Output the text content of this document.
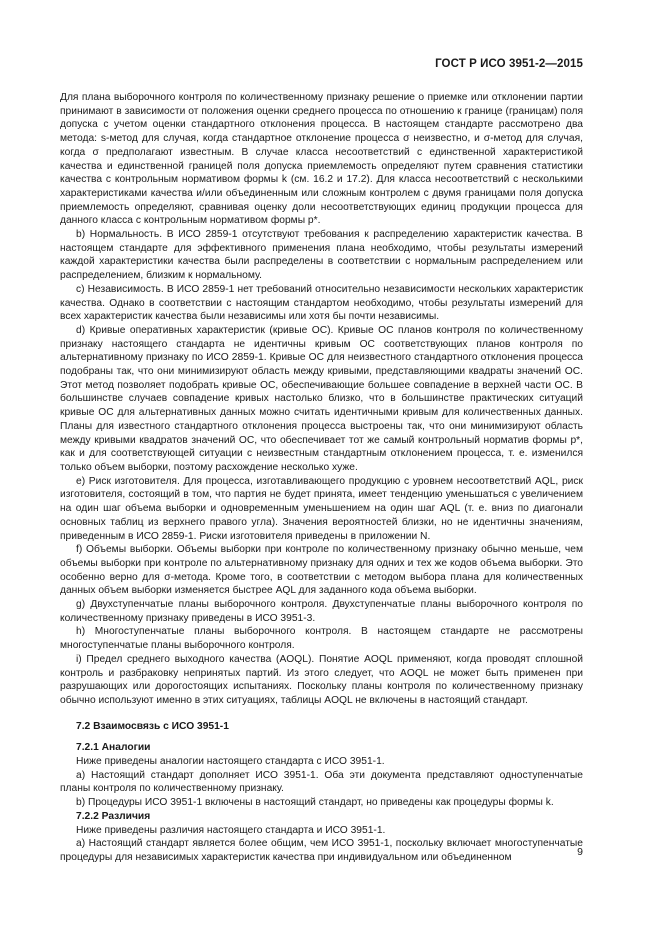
ГОСТ Р ИСО 3951-2—2015

Для плана выборочного контроля по количественному признаку решение о приемке или отклонении партии принимают в зависимости от положения оценки среднего процесса по отношению к границе (границам) поля допуска с учетом оценки стандартного отклонения процесса. В настоящем стандарте рассмотрено два метода: s-метод для случая, когда стандартное отклонение процесса σ неизвестно, и σ-метод для случая, когда σ предполагают известным. В случае класса несоответствий с единственной характеристикой качества и единственной границей поля допуска приемлемость определяют путем сравнения статистики качества с контрольным нормативом формы k (см. 16.2 и 17.2). Для класса несоответствий с несколькими характеристиками качества и/или объединенным или сложным контролем с двумя границами поля допуска приемлемость определяют, сравнивая оценку доли несоответствующих единиц продукции процесса для данного класса с контрольным нормативом формы p*.

b) Нормальность. В ИСО 2859-1 отсутствуют требования к распределению характеристик качества. В настоящем стандарте для эффективного применения плана необходимо, чтобы результаты измерений каждой характеристики качества были распределены в соответствии с нормальным распределением или распределением, близким к нормальному.

c) Независимость. В ИСО 2859-1 нет требований относительно независимости нескольких характеристик качества. Однако в соответствии с настоящим стандартом необходимо, чтобы результаты измерений для всех характеристик качества были независимы или хотя бы почти независимы.

d) Кривые оперативных характеристик (кривые ОС). Кривые ОС планов контроля по количественному признаку настоящего стандарта не идентичны кривым ОС соответствующих планов контроля по альтернативному признаку по ИСО 2859-1. Кривые ОС для неизвестного стандартного отклонения процесса подобраны так, что они минимизируют область между кривыми, представляющими квадраты значений ОС. Этот метод позволяет подобрать кривые ОС, обеспечивающие большее совпадение в верхней части ОС. В большинстве случаев совпадение кривых настолько близко, что в большинстве практических ситуаций кривые ОС для альтернативных данных можно считать идентичными кривым для количественных данных. Планы для известного стандартного отклонения процесса выстроены так, что они минимизируют область между кривыми квадратов значений ОС, что обеспечивает тот же самый контрольный норматив формы p*, как и для соответствующей ситуации с неизвестным стандартным отклонением процесса, т. е. изменился только объем выборки, поэтому расхождение несколько хуже.

e) Риск изготовителя. Для процесса, изготавливающего продукцию с уровнем несоответствий AQL, риск изготовителя, состоящий в том, что партия не будет принята, имеет тенденцию уменьшаться с увеличением на один шаг объема выборки и одновременным уменьшением на один шаг AQL (т. е. вниз по диагонали основных таблиц из верхнего правого угла). Значения вероятностей близки, но не идентичны значениям, приведенным в ИСО 2859-1. Риски изготовителя приведены в приложении N.

f) Объемы выборки. Объемы выборки при контроле по количественному признаку обычно меньше, чем объемы выборки при контроле по альтернативному признаку для одних и тех же кодов объема выборки. Это особенно верно для σ-метода. Кроме того, в соответствии с методом выбора плана для количественных данных объем выборки изменяется быстрее AQL для заданного кода объема выборки.

g) Двухступенчатые планы выборочного контроля. Двухступенчатые планы выборочного контроля по количественному признаку приведены в ИСО 3951-3.

h) Многоступенчатые планы выборочного контроля. В настоящем стандарте не рассмотрены многоступенчатые планы выборочного контроля.

i) Предел среднего выходного качества (AOQL). Понятие AOQL применяют, когда проводят сплошной контроль и разбраковку непринятых партий. Из этого следует, что AOQL не может быть применен при разрушающих или дорогостоящих испытаниях. Поскольку планы контроля по количественному признаку обычно используют именно в этих ситуациях, таблицы AOQL не включены в настоящий стандарт.

7.2 Взаимосвязь с ИСО 3951-1
7.2.1 Аналогии

Ниже приведены аналогии настоящего стандарта с ИСО 3951-1.

a) Настоящий стандарт дополняет ИСО 3951-1. Оба эти документа представляют одноступенчатые планы контроля по количественному признаку.

b) Процедуры ИСО 3951-1 включены в настоящий стандарт, но приведены как процедуры формы k.

7.2.2 Различия

Ниже приведены различия настоящего стандарта и ИСО 3951-1.

a) Настоящий стандарт является более общим, чем ИСО 3951-1, поскольку включает многоступенчатые процедуры для независимых характеристик качества при индивидуальном или объединенном	9
